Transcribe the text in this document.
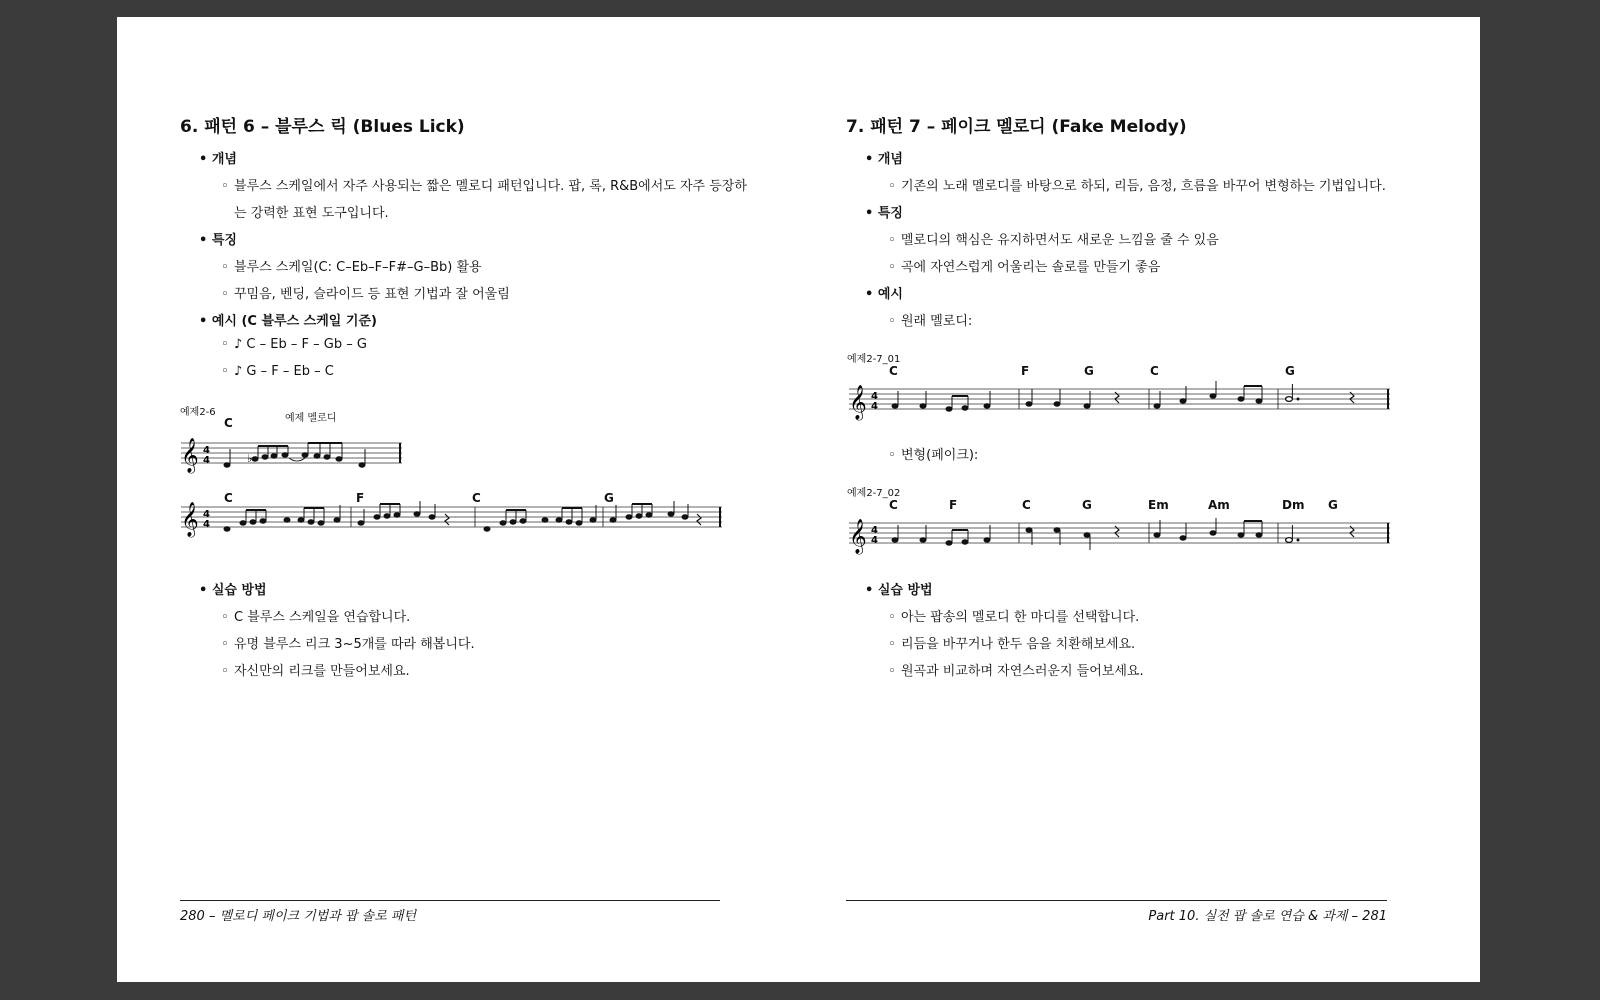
6. 패턴 6 – 블루스 릭 (Blues Lick)
• 개념
◦ 블루스 스케일에서 자주 사용되는 짧은 멜로디 패턴입니다. 팝, 록, R&B에서도 자주 등장하
는 강력한 표현 도구입니다.
• 특징
◦ 블루스 스케일(C: C–Eb–F–F#–G–Bb) 활용
◦ 꾸밈음, 벤딩, 슬라이드 등 표현 기법과 잘 어울림
• 예시 (C 블루스 스케일 기준)
◦ ♪ C – Eb – F – Gb – G
◦ ♪ G – F – Eb – C
예제2-6
예제 멜로디
𝄞 4
4	♭
C
𝄞 4
4
C	F	C	G
• 실습 방법
◦ C 블루스 스케일을 연습합니다.
◦ 유명 블루스 리크 3~5개를 따라 해봅니다.
◦ 자신만의 리크를 만들어보세요.
280 – 멜로디 페이크 기법과 팝 솔로 패턴
7. 패턴 7 – 페이크 멜로디 (Fake Melody)
• 개념
◦ 기존의 노래 멜로디를 바탕으로 하되, 리듬, 음정, 흐름을 바꾸어 변형하는 기법입니다.
• 특징
◦ 멜로디의 핵심은 유지하면서도 새로운 느낌을 줄 수 있음
◦ 곡에 자연스럽게 어울리는 솔로를 만들기 좋음
• 예시
◦ 원래 멜로디:
예제2-7_01
𝄞 4
4
C	F	G	C	G
◦ 변형(페이크):
예제2-7_02
𝄞 4
4
C	F	C	G	Em	Am	Dm G
• 실습 방법
◦ 아는 팝송의 멜로디 한 마디를 선택합니다.
◦ 리듬을 바꾸거나 한두 음을 치환해보세요.
◦ 원곡과 비교하며 자연스러운지 들어보세요.
Part 10. 실전 팝 솔로 연습 & 과제 – 281
